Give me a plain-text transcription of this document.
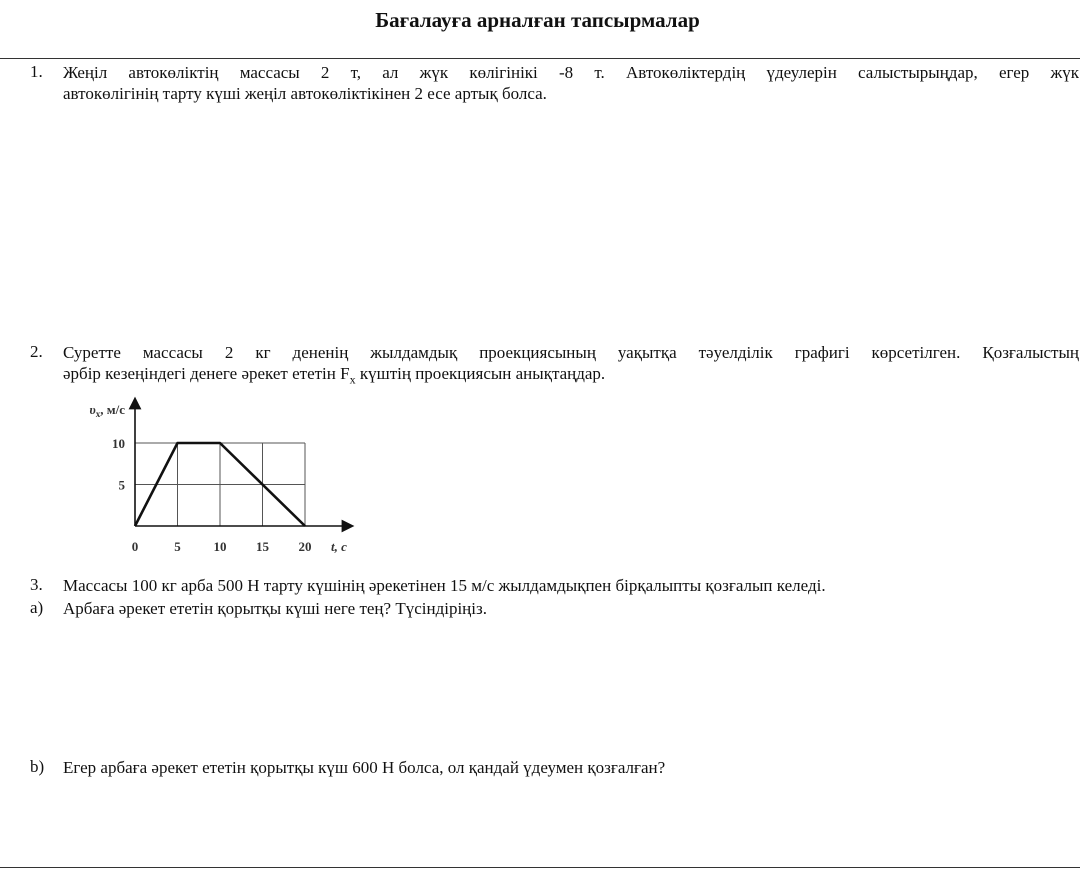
Бағалауға арналған тапсырмалар
1. Жеңіл автокөліктің массасы 2 т, ал жүк көлігінікі -8 т. Автокөліктердің үдеулерін салыстырыңдар, егер жүк
автокөлігінің тарту күші жеңіл автокөліктікінен 2 есе артық болса.
2. Суретте массасы 2 кг дененің жылдамдық проекциясының уақытқа тәуелділік графигі көрсетілген. Қозғалыстың
әрбір кезеңіндегі денеге әрекет ететін $F_x$ күштің проекциясын анықтаңдар.
0	5	10 15 20
5
10
$\upsilon_x$, м/с
t, с
3. Массасы 100 кг арба 500 Н тарту күшінің әрекетінен 15 м/с жылдамдықпен бірқалыпты қозғалып келеді.
a) Арбаға әрекет ететін қорытқы күші неге тең? Түсіндіріңіз.
b) Егер арбаға әрекет ететін қорытқы күш 600 Н болса, ол қандай үдеумен қозғалған?
